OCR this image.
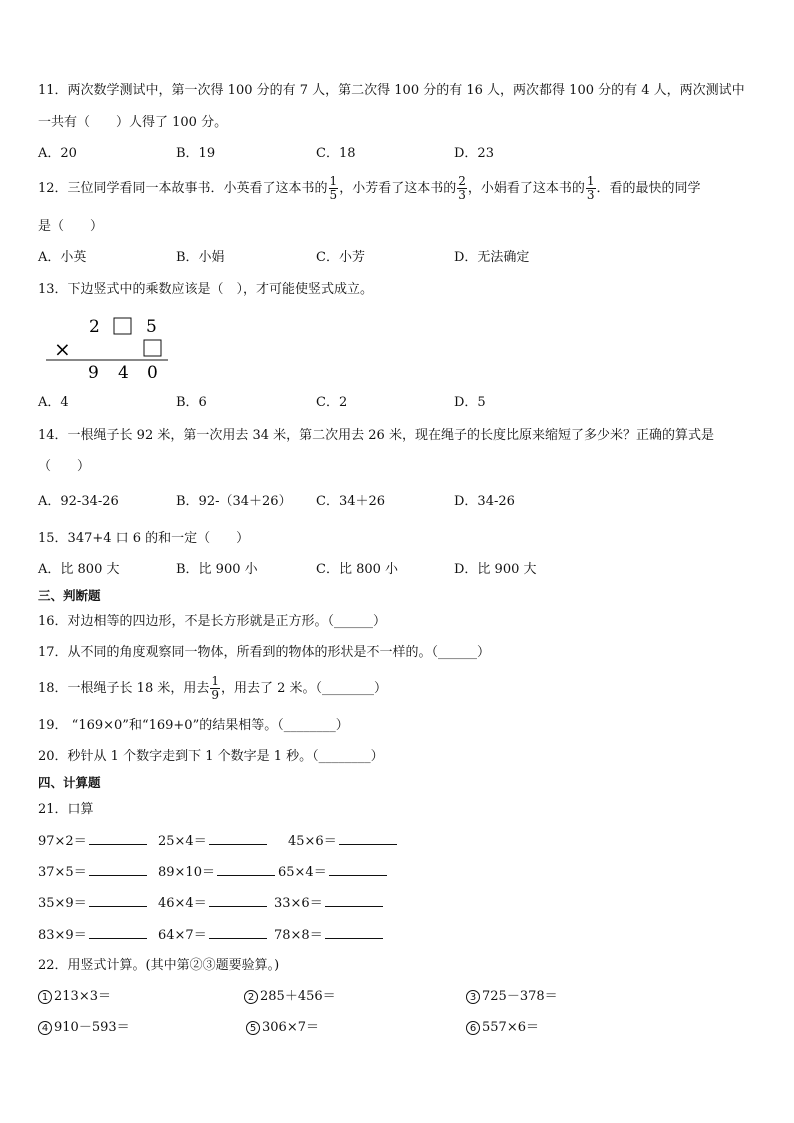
11．两次数学测试中，第一次得 100 分的有 7 人，第二次得 100 分的有 16 人，两次都得 100 分的有 4 人，两次测试中
一共有（　　）人得了 100 分。
A．20	B．19	C．18	D．23
12．三位同学看同一本故事书．小英看了这本书的 $\frac{1}{5}$ ，小芳看了这本书的 $\frac{2}{3}$ ，小娟看了这本书的 $\frac{1}{3}$ ．看的最快的同学
是（　　）
A．小英	B．小娟	C．小芳	D．无法确定
13．下边竖式中的乘数应该是（　），才可能使竖式成立。
2	5
×
9 4 0
A．4	B．6	C．2	D．5
14．一根绳子长 92 米，第一次用去 34 米，第二次用去 26 米，现在绳子的长度比原来缩短了多少米？正确的算式是
（　　）
A．92-34-26	B．92-（34＋26） C．34＋26	D．34-26
15．347+4 口 6 的和一定（　　）
A．比 800 大	B．比 900 小	C．比 800 小	D．比 900 大
三、判断题
16．对边相等的四边形，不是长方形就是正方形。（______）
17．从不同的角度观察同一物体，所看到的物体的形状是不一样的。（______）
18．一根绳子长 18 米，用去 $\frac{1}{9}$ ，用去了 2 米。（________）
19． “169×0”和“169+0”的结果相等。（________）
20．秒针从 1 个数字走到下 1 个数字是 1 秒。（________）
四、计算题
21．口算
97×2＝	25×4＝	45×6＝
37×5＝	89×10＝	65×4＝
35×9＝	46×4＝	33×6＝
83×9＝	64×7＝	78×8＝
22．用竖式计算。(其中第②③题要验算。)
1 213×3＝	2 285＋456＝	3 725－378＝
4 910－593＝	5 306×7＝	6 557×6＝
